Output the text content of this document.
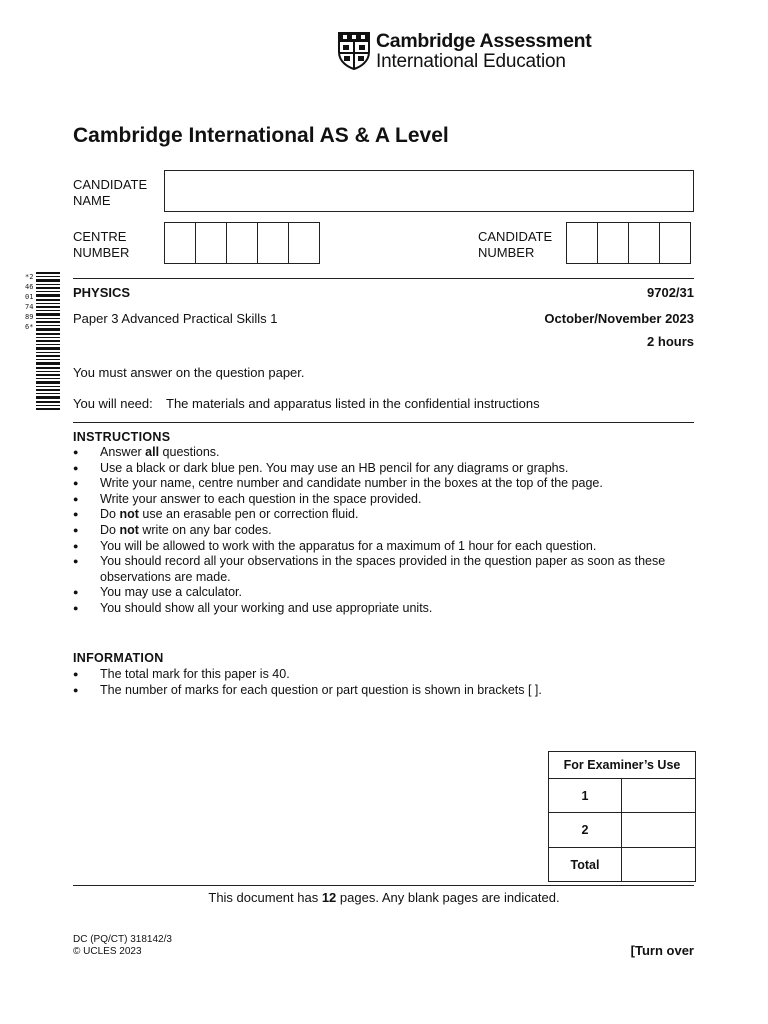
Cambridge Assessment
International Education
Cambridge International AS & A Level
CANDIDATE
NAME
CENTRE
NUMBER
CANDIDATE
NUMBER
*2460174896*
PHYSICS	9702/31
Paper 3 Advanced Practical Skills 1	October/November 2023
2 hours
You must answer on the question paper.
You will need: The materials and apparatus listed in the confidential instructions
INSTRUCTIONS
● Answer all questions.
● Use a black or dark blue pen. You may use an HB pencil for any diagrams or graphs.
● Write your name, centre number and candidate number in the boxes at the top of the page.
● Write your answer to each question in the space provided.
● Do not use an erasable pen or correction fluid.
● Do not write on any bar codes.
● You will be allowed to work with the apparatus for a maximum of 1 hour for each question.
● You should record all your observations in the spaces provided in the question paper as soon as these observations are made.
● You may use a calculator.
● You should show all your working and use appropriate units.
INFORMATION
● The total mark for this paper is 40.
● The number of marks for each question or part question is shown in brackets [ ].
For Examiner’s Use	
1	
2	
Total	
This document has 12 pages. Any blank pages are indicated.
DC (PQ/CT) 318142/3
© UCLES 2023	[Turn over
